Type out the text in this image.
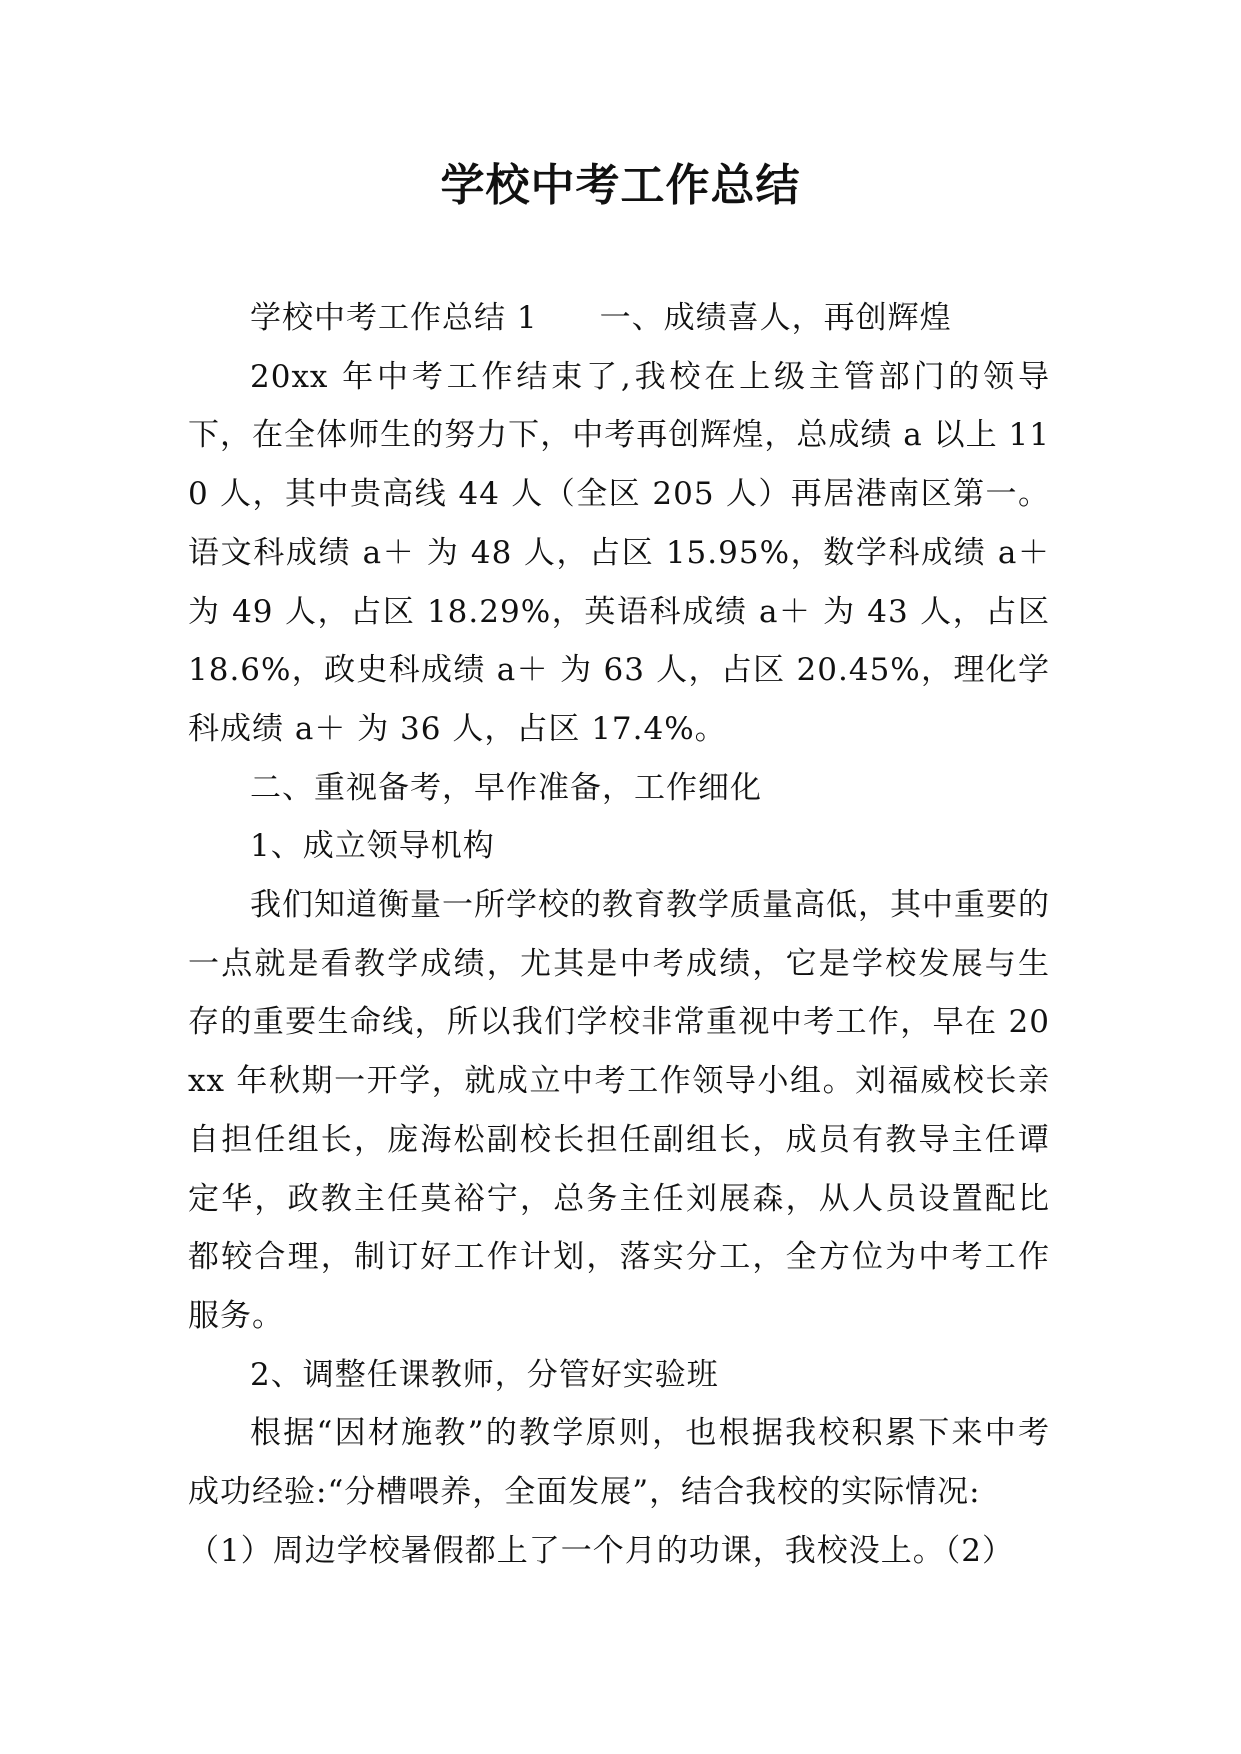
学校中考工作总结

学校中考工作总结 1 一、成绩喜人，再创辉煌

20xx 年中考工作结束了,我校在上级主管部门的领导下，在全体师生的努力下，中考再创辉煌，总成绩 a 以上 110 人，其中贵高线 44 人（全区 205 人）再居港南区第一。语文科成绩 a＋ 为 48 人，占区 15.95%，数学科成绩 a＋ 为 49 人，占区 18.29%，英语科成绩 a＋ 为 43 人，占区 18.6%，政史科成绩 a＋ 为 63 人，占区 20.45%，理化学科成绩 a＋ 为 36 人，占区 17.4%。

二、重视备考，早作准备，工作细化

1、成立领导机构

我们知道衡量一所学校的教育教学质量高低，其中重要的一点就是看教学成绩，尤其是中考成绩，它是学校发展与生存的重要生命线，所以我们学校非常重视中考工作，早在 20xx 年秋期一开学，就成立中考工作领导小组。刘福威校长亲自担任组长，庞海松副校长担任副组长，成员有教导主任谭定华，政教主任莫裕宁，总务主任刘展森，从人员设置配比都较合理，制订好工作计划，落实分工，全方位为中考工作服务。

2、调整任课教师，分管好实验班

根据“因材施教”的教学原则，也根据我校积累下来中考成功经验:“分槽喂养，全面发展”，结合我校的实际情况:

（1）周边学校暑假都上了一个月的功课，我校没上。（2）
